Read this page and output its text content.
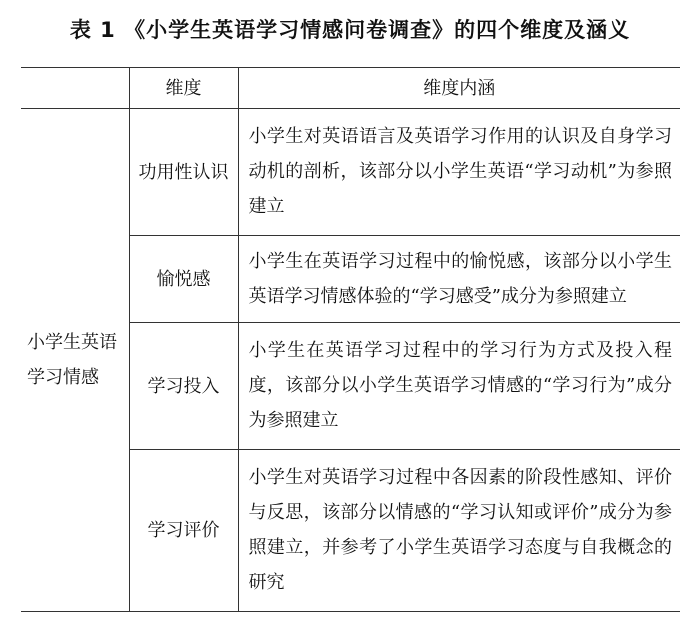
表 1 《小学生英语学习情感问卷调查》的四个维度及涵义
	维度	维度内涵
小学生英语学习情感	功用性认识	小学生对英语语言及英语学习作用的认识及自身学习动机的剖析，该部分以小学生英语“学习动机”为参照建立
	愉悦感	小学生在英语学习过程中的愉悦感，该部分以小学生英语学习情感体验的“学习感受”成分为参照建立
	学习投入	小学生在英语学习过程中的学习行为方式及投入程度，该部分以小学生英语学习情感的“学习行为”成分为参照建立
	学习评价	小学生对英语学习过程中各因素的阶段性感知、评价与反思，该部分以情感的“学习认知或评价”成分为参照建立，并参考了小学生英语学习态度与自我概念的研究
